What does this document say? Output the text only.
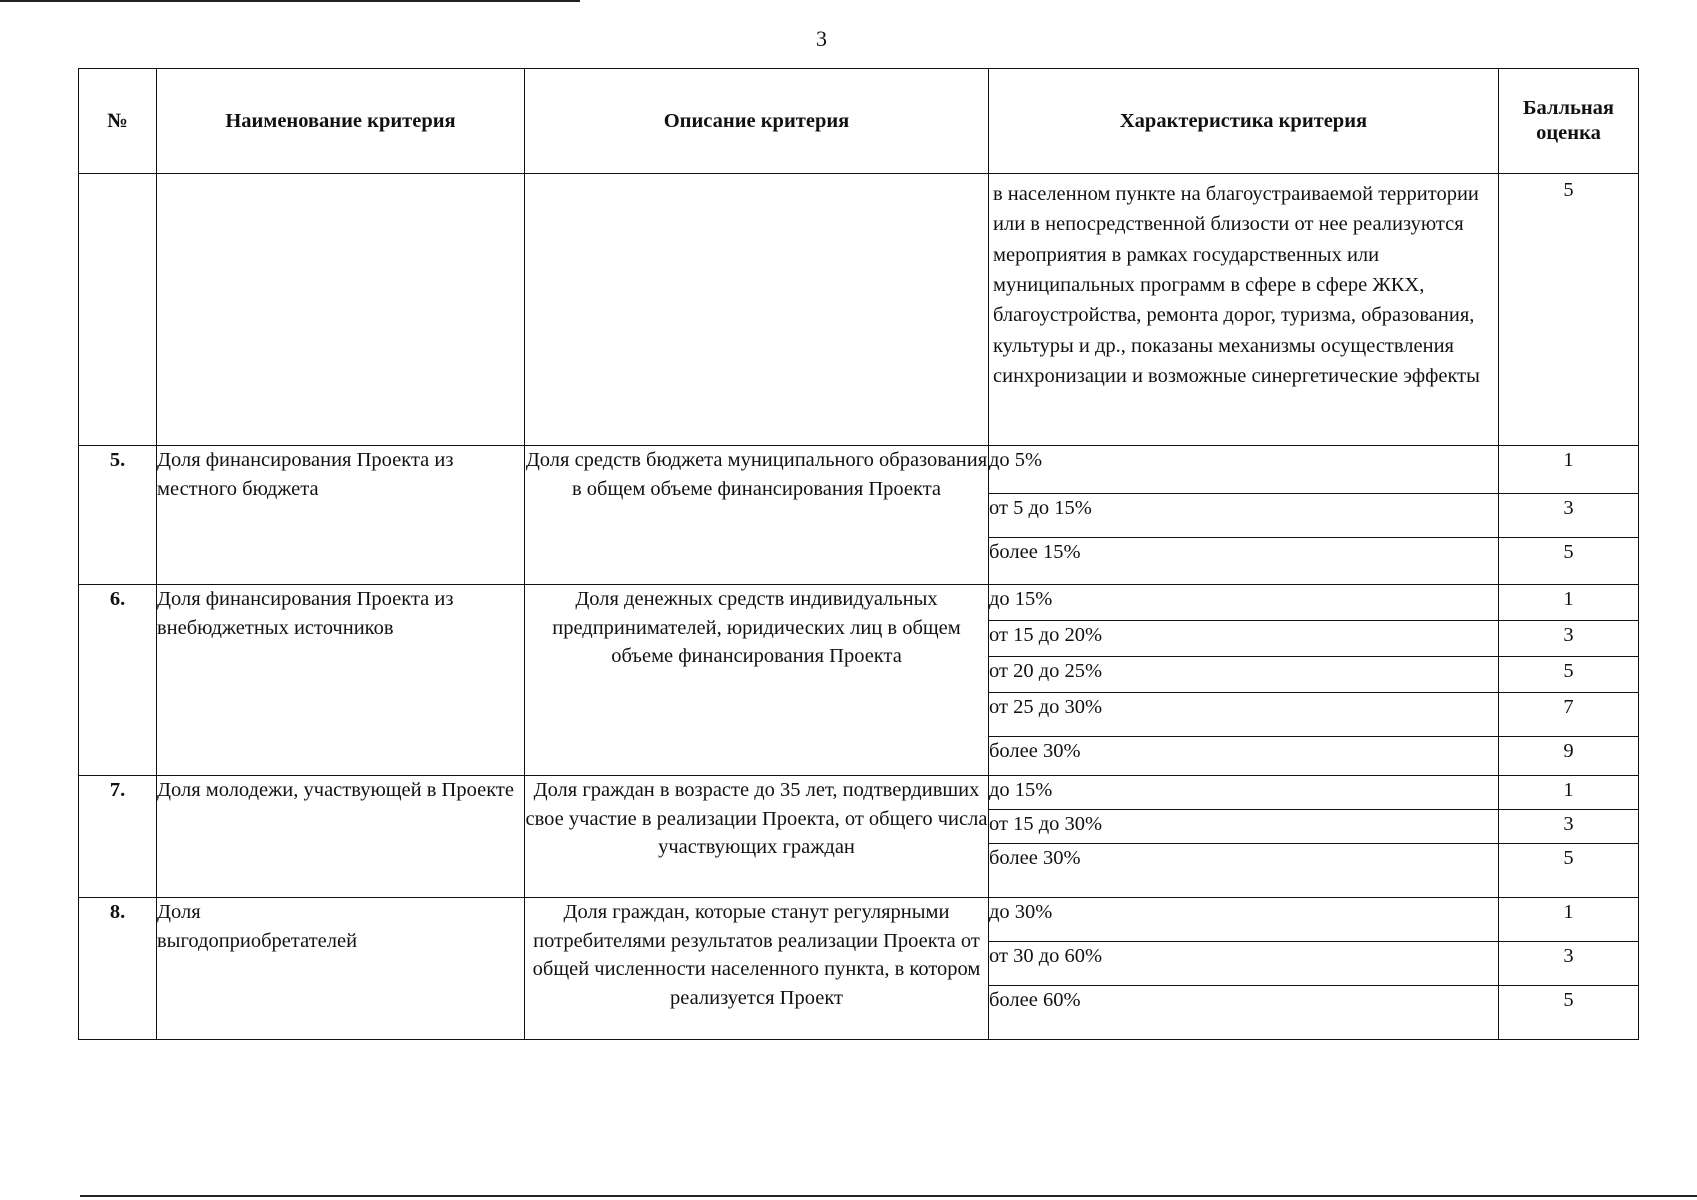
3
№	Наименование критерия	Описание критерия	Характеристика критерия	Балльная оценка
			в населенном пункте на благоустраиваемой территории или в непосредственной близости от нее реализуются мероприятия в рамках государственных или муниципальных программ в сфере в сфере ЖКХ, благоустройства, ремонта дорог, туризма, образования, культуры и др., показаны механизмы осуществления синхронизации и возможные синергетические эффекты	5
5.	Доля финансирования Проекта из местного бюджета	Доля средств бюджета муниципального образования в общем объеме финансирования Проекта	до 5%	1
			от 5 до 15%	3
			более 15%	5
6.	Доля финансирования Проекта из внебюджетных источников	Доля денежных средств индивидуальных предпринимателей, юридических лиц в общем объеме финансирования Проекта	до 15%	1
			от 15 до 20%	3
			от 20 до 25%	5
			от 25 до 30%	7
			более 30%	9
7.	Доля молодежи, участвующей в Проекте	Доля граждан в возрасте до 35 лет, подтвердивших свое участие в реализации Проекта, от общего числа участвующих граждан	до 15%	1
			от 15 до 30%	3
			более 30%	5
8.	Доля выгодоприобретателей	Доля граждан, которые станут регулярными потребителями результатов реализации Проекта от общей численности населенного пункта, в котором реализуется Проект	до 30%	1
			от 30 до 60%	3
			более 60%	5
